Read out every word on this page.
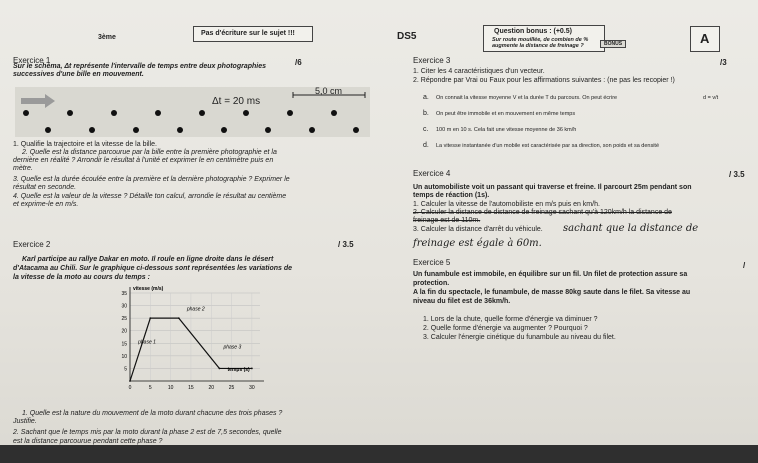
3ème
Pas d'écriture sur le sujet !!!	DS5	Question bonus : (+0.5)
Sur route mouillée, de combien de %
augmente la distance de freinage ?	BONUS	A
Exercice 1	/6
Sur le schéma, Δt représente l'intervalle de temps entre deux photographies
successives d'une bille en mouvement.
Δt = 20 ms
5,0 cm
1. Qualifie la trajectoire et la vitesse de la bille.
2. Quelle est la distance parcourue par la bille entre la première photographie et la
dernière en réalité ? Arrondir le résultat à l'unité et exprimer le en centimètre puis en
mètre.
3. Quelle est la durée écoulée entre la première et la dernière photographie ? Exprimer le
résultat en seconde.
4. Quelle est la valeur de la vitesse ? Détaille ton calcul, arrondie le résultat au centième
et exprime-le en m/s.
Exercice 2	/ 3.5
Karl participe au rallye Dakar en moto. Il roule en ligne droite dans le désert
d'Atacama au Chili. Sur le graphique ci-dessous sont représentées les variations de
la vitesse de la moto au cours du temps :
5
10
15
20
25
30
35
0	5	10	15	20	25	30
phase 1
phase 2
phase 3
vitesse (m/s)
temps (s)
1. Quelle est la nature du mouvement de la moto durant chacune des trois phases ?
Justifie.
2. Sachant que le temps mis par la moto durant la phase 2 est de 7,5 secondes, quelle
est la distance parcourue pendant cette phase ?
Exercice 3	/3
1. Citer les 4 caractéristiques d'un vecteur.
2. Répondre par Vrai ou Faux pour les affirmations suivantes : (ne pas les recopier !)
a. On connait la vitesse moyenne V et la durée T du parcours. On peut écrire	d = v/t
b. On peut être immobile et en mouvement en même temps
c. 100 m en 10 s. Cela fait une vitesse moyenne de 36 km/h
d. La vitesse instantanée d'un mobile est caractérisée par sa direction, son poids et sa densité
Exercice 4	/ 3.5
Un automobiliste voit un passant qui traverse et freine. Il parcourt 25m pendant son
temps de réaction (1s).
1. Calculer la vitesse de l'automobiliste en m/s puis en km/h.
2. Calculer la distance de distance de freinage sachant qu'à 120km/h la distance de
freinage est de 110m.
3. Calculer la distance d'arrêt du véhicule. sachant que la distance de
freinage est égale à 60m.
Exercice 5	/
Un funambule est immobile, en équilibre sur un fil. Un filet de protection assure sa
protection.
A la fin du spectacle, le funambule, de masse 80kg saute dans le filet. Sa vitesse au
niveau du filet est de 36km/h.
1. Lors de la chute, quelle forme d'énergie va diminuer ?
2. Quelle forme d'énergie va augmenter ? Pourquoi ?
3. Calculer l'énergie cinétique du funambule au niveau du filet.
